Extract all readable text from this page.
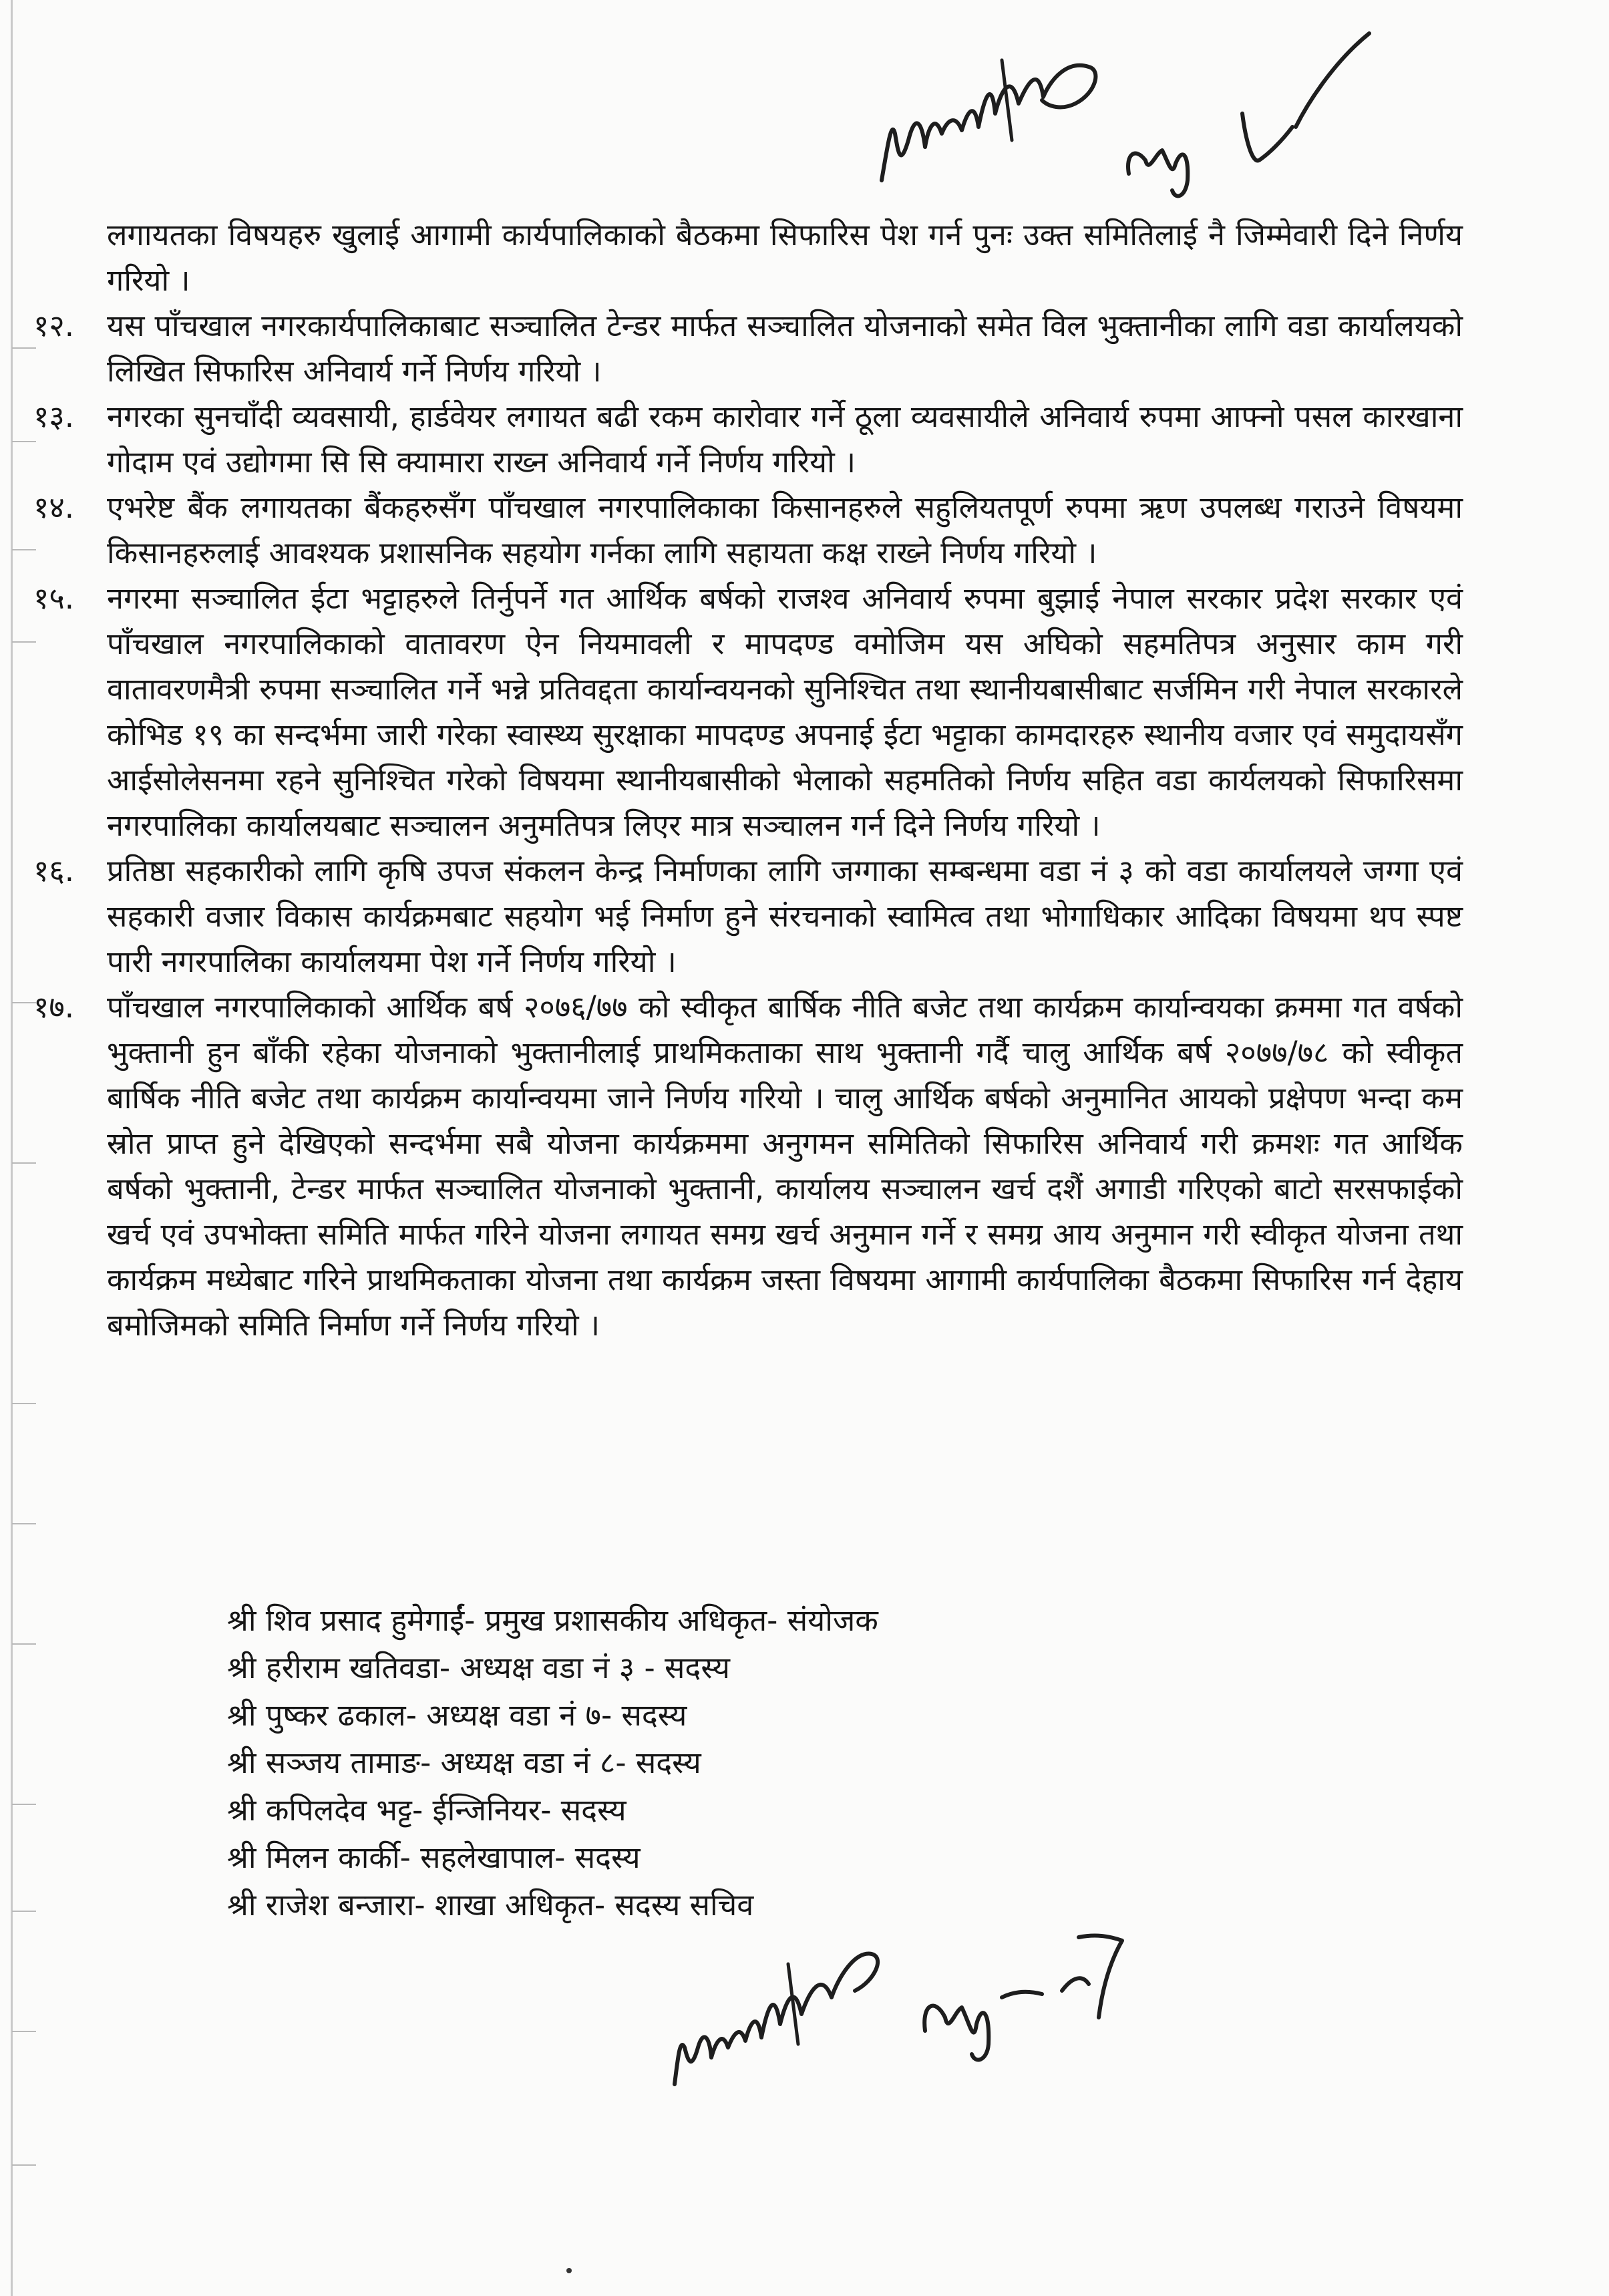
लगायतका विषयहरु खुलाई आगामी कार्यपालिकाको बैठकमा सिफारिस पेश गर्न पुनः उक्त समितिलाई नै जिम्मेवारी दिने निर्णय गरियो ।
१२.	यस पाँचखाल नगरकार्यपालिकाबाट सञ्चालित टेन्डर मार्फत सञ्चालित योजनाको समेत विल भुक्तानीका लागि वडा कार्यालयको लिखित सिफारिस अनिवार्य गर्ने निर्णय गरियो ।
१३.	नगरका सुनचाँदी व्यवसायी, हार्डवेयर लगायत बढी रकम कारोवार गर्ने ठूला व्यवसायीले अनिवार्य रुपमा आफ्नो पसल कारखाना गोदाम एवं उद्योगमा सि सि क्यामारा राख्न अनिवार्य गर्ने निर्णय गरियो ।
१४.	एभरेष्ट बैंक लगायतका बैंकहरुसँग पाँचखाल नगरपालिकाका किसानहरुले सहुलियतपूर्ण रुपमा ऋण उपलब्ध गराउने विषयमा किसानहरुलाई आवश्यक प्रशासनिक सहयोग गर्नका लागि सहायता कक्ष राख्ने निर्णय गरियो ।
१५.	नगरमा सञ्चालित ईटा भट्टाहरुले तिर्नुपर्ने गत आर्थिक बर्षको राजश्व अनिवार्य रुपमा बुझाई नेपाल सरकार प्रदेश सरकार एवं पाँचखाल नगरपालिकाको वातावरण ऐन नियमावली र मापदण्ड वमोजिम यस अघिको सहमतिपत्र अनुसार काम गरी वातावरणमैत्री रुपमा सञ्चालित गर्ने भन्ने प्रतिवद्दता कार्यान्वयनको सुनिश्चित तथा स्थानीयबासीबाट सर्जमिन गरी नेपाल सरकारले कोभिड १९ का सन्दर्भमा जारी गरेका स्वास्थ्य सुरक्षाका मापदण्ड अपनाई ईटा भट्टाका कामदारहरु स्थानीय वजार एवं समुदायसँग आईसोलेसनमा रहने सुनिश्चित गरेको विषयमा स्थानीयबासीको भेलाको सहमतिको निर्णय सहित वडा कार्यलयको सिफारिसमा नगरपालिका कार्यालयबाट सञ्चालन अनुमतिपत्र लिएर मात्र सञ्चालन गर्न दिने निर्णय गरियो ।
१६.	प्रतिष्ठा सहकारीको लागि कृषि उपज संकलन केन्द्र निर्माणका लागि जग्गाका सम्बन्धमा वडा नं ३ को वडा कार्यालयले जग्गा एवं सहकारी वजार विकास कार्यक्रमबाट सहयोग भई निर्माण हुने संरचनाको स्वामित्व तथा भोगाधिकार आदिका विषयमा थप स्पष्ट पारी नगरपालिका कार्यालयमा पेश गर्ने निर्णय गरियो ।
१७.	पाँचखाल नगरपालिकाको आर्थिक बर्ष २०७६/७७ को स्वीकृत बार्षिक नीति बजेट तथा कार्यक्रम कार्यान्वयका क्रममा गत वर्षको भुक्तानी हुन बाँकी रहेका योजनाको भुक्तानीलाई प्राथमिकताका साथ भुक्तानी गर्दै चालु आर्थिक बर्ष २०७७/७८ को स्वीकृत बार्षिक नीति बजेट तथा कार्यक्रम कार्यान्वयमा जाने निर्णय गरियो । चालु आर्थिक बर्षको अनुमानित आयको प्रक्षेपण भन्दा कम स्रोत प्राप्त हुने देखिएको सन्दर्भमा सबै योजना कार्यक्रममा अनुगमन समितिको सिफारिस अनिवार्य गरी क्रमशः गत आर्थिक बर्षको भुक्तानी, टेन्डर मार्फत सञ्चालित योजनाको भुक्तानी, कार्यालय सञ्चालन खर्च दशैं अगाडी गरिएको बाटो सरसफाईको खर्च एवं उपभोक्ता समिति मार्फत गरिने योजना लगायत समग्र खर्च अनुमान गर्ने र समग्र आय अनुमान गरी स्वीकृत योजना तथा कार्यक्रम मध्येबाट गरिने प्राथमिकताका योजना तथा कार्यक्रम जस्ता विषयमा आगामी कार्यपालिका बैठकमा सिफारिस गर्न देहाय बमोजिमको समिति निर्माण गर्ने निर्णय गरियो ।
श्री शिव प्रसाद हुमेगाईं- प्रमुख प्रशासकीय अधिकृत- संयोजक
श्री हरीराम खतिवडा- अध्यक्ष वडा नं ३ - सदस्य
श्री पुष्कर ढकाल- अध्यक्ष वडा नं ७- सदस्य
श्री सञ्जय तामाङ- अध्यक्ष वडा नं ८- सदस्य
श्री कपिलदेव भट्ट- ईन्जिनियर- सदस्य
श्री मिलन कार्की- सहलेखापाल- सदस्य
श्री राजेश बन्जारा- शाखा अधिकृत- सदस्य सचिव
